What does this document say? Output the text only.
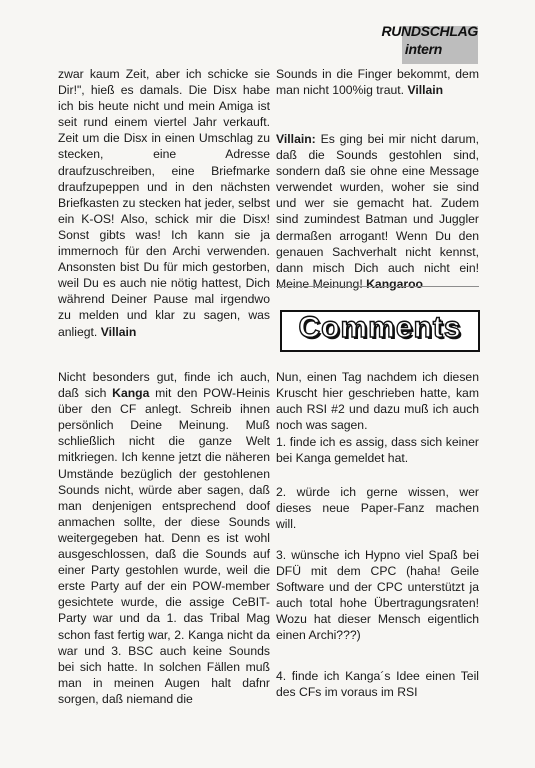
RUNDSCHLAG
intern

zwar kaum Zeit, aber ich schicke sie Dir!", hieß es damals. Die Disx habe ich bis heute nicht und mein Amiga ist seit rund einem viertel Jahr verkauft. Zeit um die Disx in einen Umschlag zu stecken, eine Adresse draufzuschreiben, eine Briefmarke draufzupeppen und in den nächsten Briefkasten zu stecken hat jeder, selbst ein K-OS! Also, schick mir die Disx! Sonst gibts was! Ich kann sie ja immernoch für den Archi verwenden. Ansonsten bist Du für mich gestorben, weil Du es auch nie nötig hattest, Dich während Deiner Pause mal irgendwo zu melden und klar zu sagen, was anliegt. Villain

Nicht besonders gut, finde ich auch, daß sich Kanga mit den POW-Heinis über den CF anlegt. Schreib ihnen persönlich Deine Meinung. Muß schließlich nicht die ganze Welt mitkriegen. Ich kenne jetzt die näheren Umstände bezüglich der gestohlenen Sounds nicht, würde aber sagen, daß man denjenigen entsprechend doof anmachen sollte, der diese Sounds weitergegeben hat. Denn es ist wohl ausgeschlossen, daß die Sounds auf einer Party gestohlen wurde, weil die erste Party auf der ein POW-member gesichtete wurde, die assige CeBIT-Party war und da 1. das Tribal Mag schon fast fertig war, 2. Kanga nicht da war und 3. BSC auch keine Sounds bei sich hatte. In solchen Fällen muß man in meinen Augen halt dafnr sorgen, daß niemand die

Sounds in die Finger bekommt, dem man nicht 100%ig traut. Villain

Villain: Es ging bei mir nicht darum, daß die Sounds gestohlen sind, sondern daß sie ohne eine Message verwendet wurden, woher sie sind und wer sie gemacht hat. Zudem sind zumindest Batman und Juggler dermaßen arrogant! Wenn Du den genauen Sachverhalt nicht kennst, dann misch Dich auch nicht ein! Meine Meinung! Kangaroo

Comments

Nun, einen Tag nachdem ich diesen Kruscht hier geschrieben hatte, kam auch RSI #2 und dazu muß ich auch noch was sagen.

1. finde ich es assig, dass sich keiner bei Kanga gemeldet hat.

2. würde ich gerne wissen, wer dieses neue Paper-Fanz machen will.

3. wünsche ich Hypno viel Spaß bei DFÜ mit dem CPC (haha! Geile Software und der CPC unterstützt ja auch total hohe Übertragungsraten! Wozu hat dieser Mensch eigentlich einen Archi???)

4. finde ich Kanga´s Idee einen Teil des CFs im voraus im RSI
